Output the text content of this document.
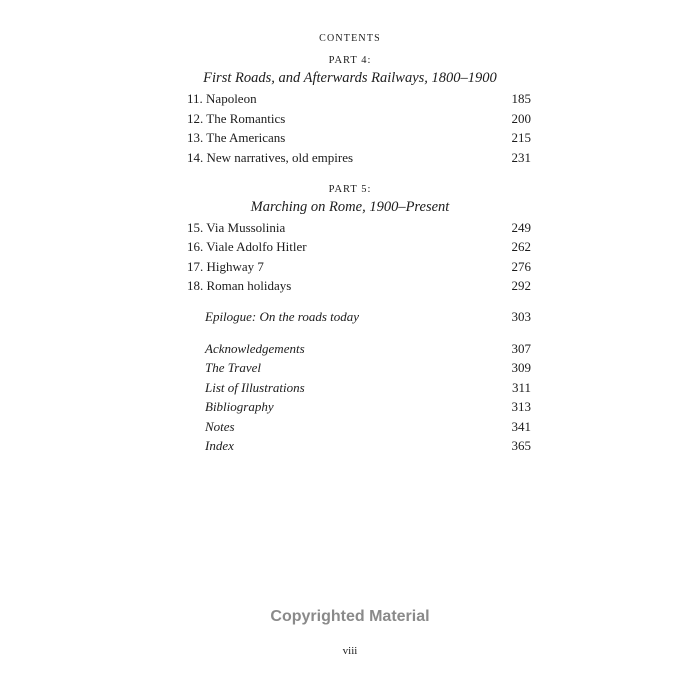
CONTENTS
PART 4:
First Roads, and Afterwards Railways, 1800–1900
11. Napoleon	185
12. The Romantics	200
13. The Americans	215
14. New narratives, old empires	231
PART 5:
Marching on Rome, 1900–Present
15. Via Mussolinia	249
16. Viale Adolfo Hitler	262
17. Highway 7	276
18. Roman holidays	292
Epilogue: On the roads today	303
Acknowledgements	307
The Travel	309
List of Illustrations	311
Bibliography	313
Notes	341
Index	365
Copyrighted Material
viii
